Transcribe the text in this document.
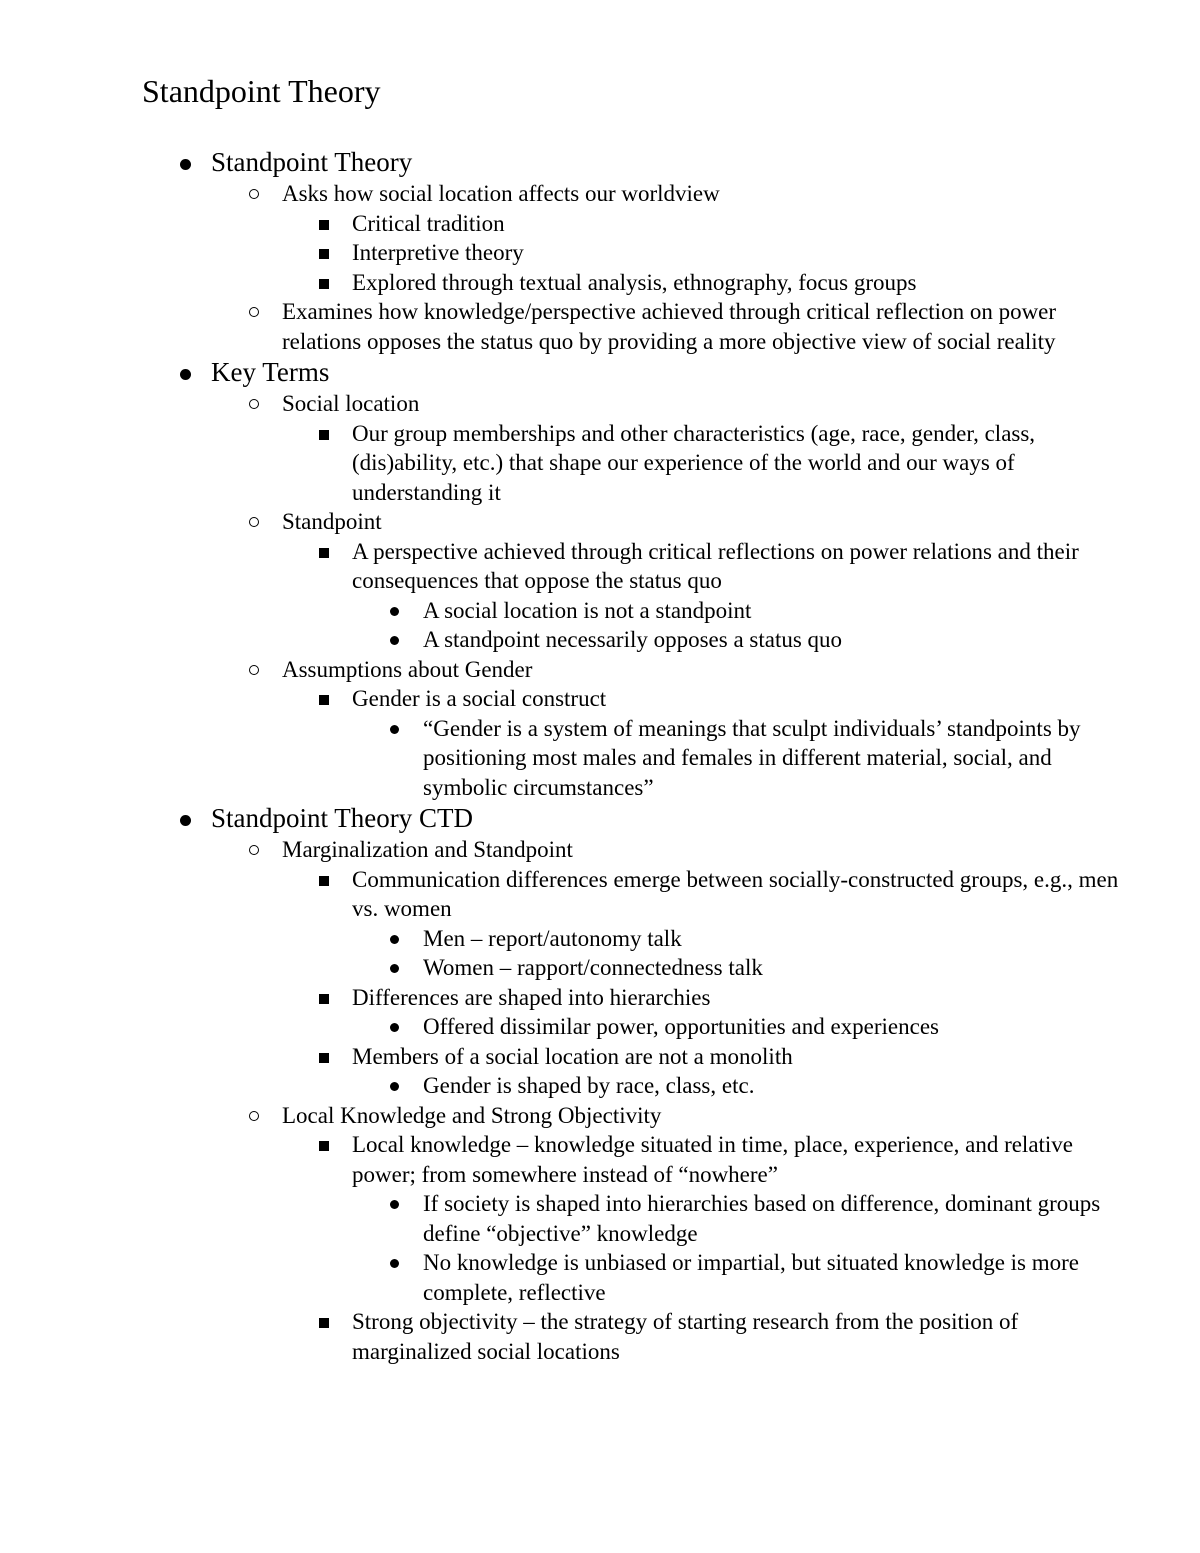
Standpoint Theory
Standpoint Theory
Asks how social location affects our worldview
Critical tradition
Interpretive theory
Explored through textual analysis, ethnography, focus groups
Examines how knowledge/perspective achieved through critical reflection on power relations opposes the status quo by providing a more objective view of social reality
Key Terms
Social location
Our group memberships and other characteristics (age, race, gender, class, (dis)ability, etc.) that shape our experience of the world and our ways of understanding it
Standpoint
A perspective achieved through critical reflections on power relations and their consequences that oppose the status quo
A social location is not a standpoint
A standpoint necessarily opposes a status quo
Assumptions about Gender
Gender is a social construct
“Gender is a system of meanings that sculpt individuals’ standpoints by positioning most males and females in different material, social, and symbolic circumstances”
Standpoint Theory CTD
Marginalization and Standpoint
Communication differences emerge between socially-constructed groups, e.g., men vs. women
Men – report/autonomy talk
Women – rapport/connectedness talk
Differences are shaped into hierarchies
Offered dissimilar power, opportunities and experiences
Members of a social location are not a monolith
Gender is shaped by race, class, etc.
Local Knowledge and Strong Objectivity
Local knowledge – knowledge situated in time, place, experience, and relative power; from somewhere instead of “nowhere”
If society is shaped into hierarchies based on difference, dominant groups define “objective” knowledge
No knowledge is unbiased or impartial, but situated knowledge is more complete, reflective
Strong objectivity – the strategy of starting research from the position of marginalized social locations
